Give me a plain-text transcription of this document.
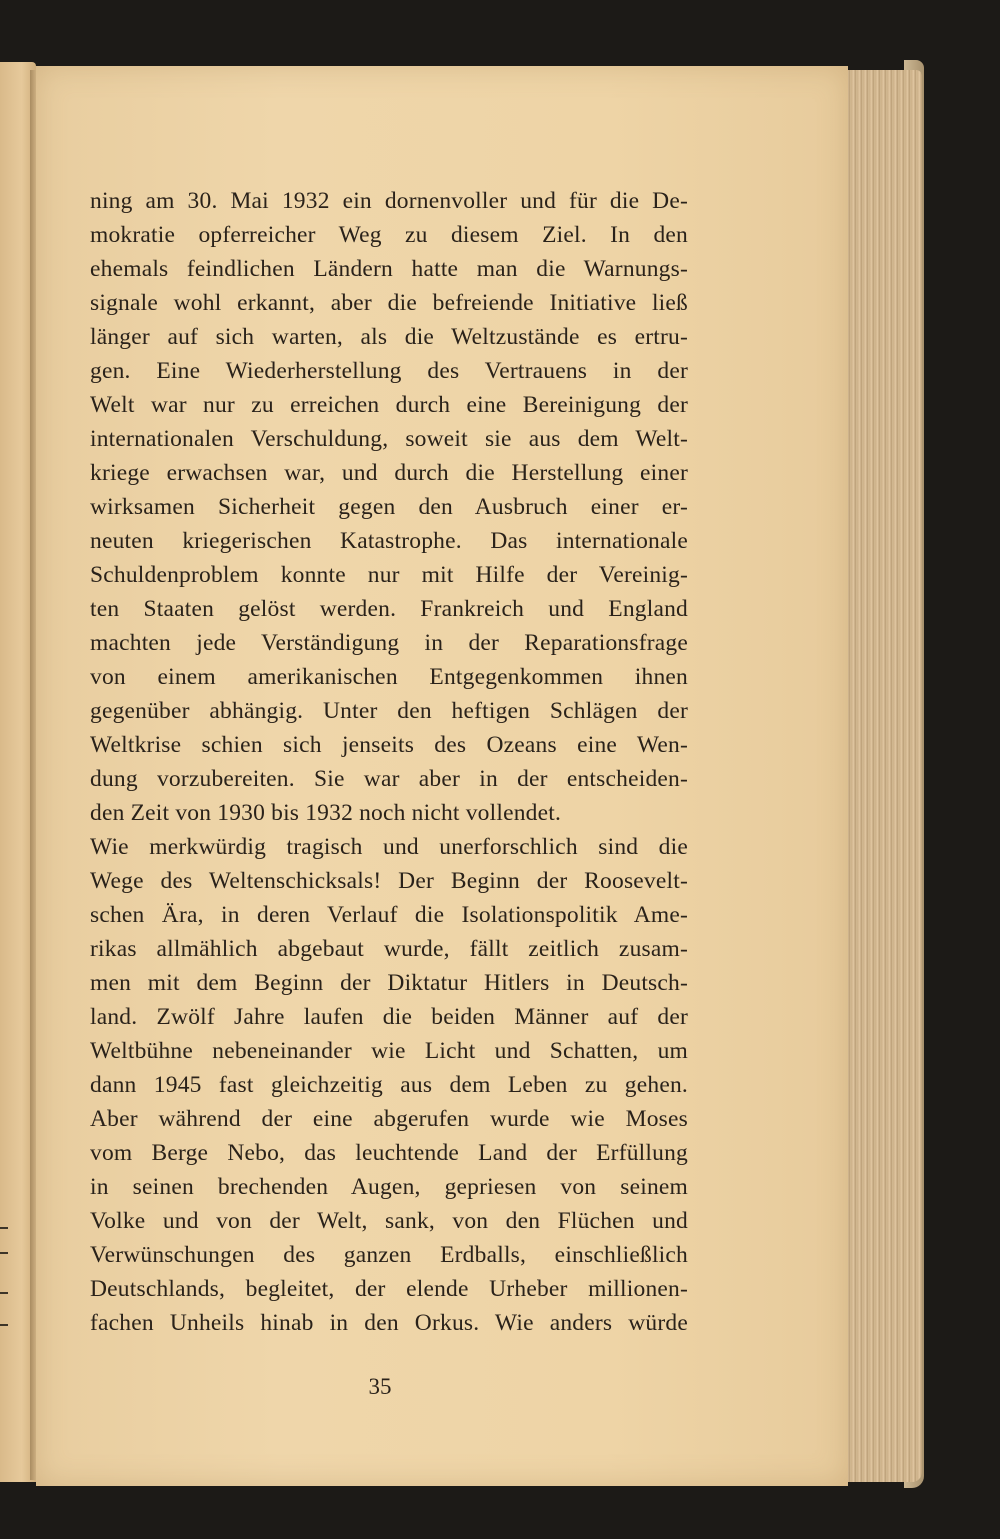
ning am 30. Mai 1932 ein dornenvoller und für die De-
mokratie opferreicher Weg zu diesem Ziel. In den
ehemals feindlichen Ländern hatte man die Warnungs-
signale wohl erkannt, aber die befreiende Initiative ließ
länger auf sich warten, als die Weltzustände es ertru-
gen. Eine Wiederherstellung des Vertrauens in der
Welt war nur zu erreichen durch eine Bereinigung der
internationalen Verschuldung, soweit sie aus dem Welt-
kriege erwachsen war, und durch die Herstellung einer
wirksamen Sicherheit gegen den Ausbruch einer er-
neuten kriegerischen Katastrophe. Das internationale
Schuldenproblem konnte nur mit Hilfe der Vereinig-
ten Staaten gelöst werden. Frankreich und England
machten jede Verständigung in der Reparationsfrage
von einem amerikanischen Entgegenkommen ihnen
gegenüber abhängig. Unter den heftigen Schlägen der
Weltkrise schien sich jenseits des Ozeans eine Wen-
dung vorzubereiten. Sie war aber in der entscheiden-
den Zeit von 1930 bis 1932 noch nicht vollendet.
Wie merkwürdig tragisch und unerforschlich sind die
Wege des Weltenschicksals! Der Beginn der Roosevelt-
schen Ära, in deren Verlauf die Isolationspolitik Ame-
rikas allmählich abgebaut wurde, fällt zeitlich zusam-
men mit dem Beginn der Diktatur Hitlers in Deutsch-
land. Zwölf Jahre laufen die beiden Männer auf der
Weltbühne nebeneinander wie Licht und Schatten, um
dann 1945 fast gleichzeitig aus dem Leben zu gehen.
Aber während der eine abgerufen wurde wie Moses
vom Berge Nebo, das leuchtende Land der Erfüllung
in seinen brechenden Augen, gepriesen von seinem
Volke und von der Welt, sank, von den Flüchen und
Verwünschungen des ganzen Erdballs, einschließlich
Deutschlands, begleitet, der elende Urheber millionen-
fachen Unheils hinab in den Orkus. Wie anders würde
35
